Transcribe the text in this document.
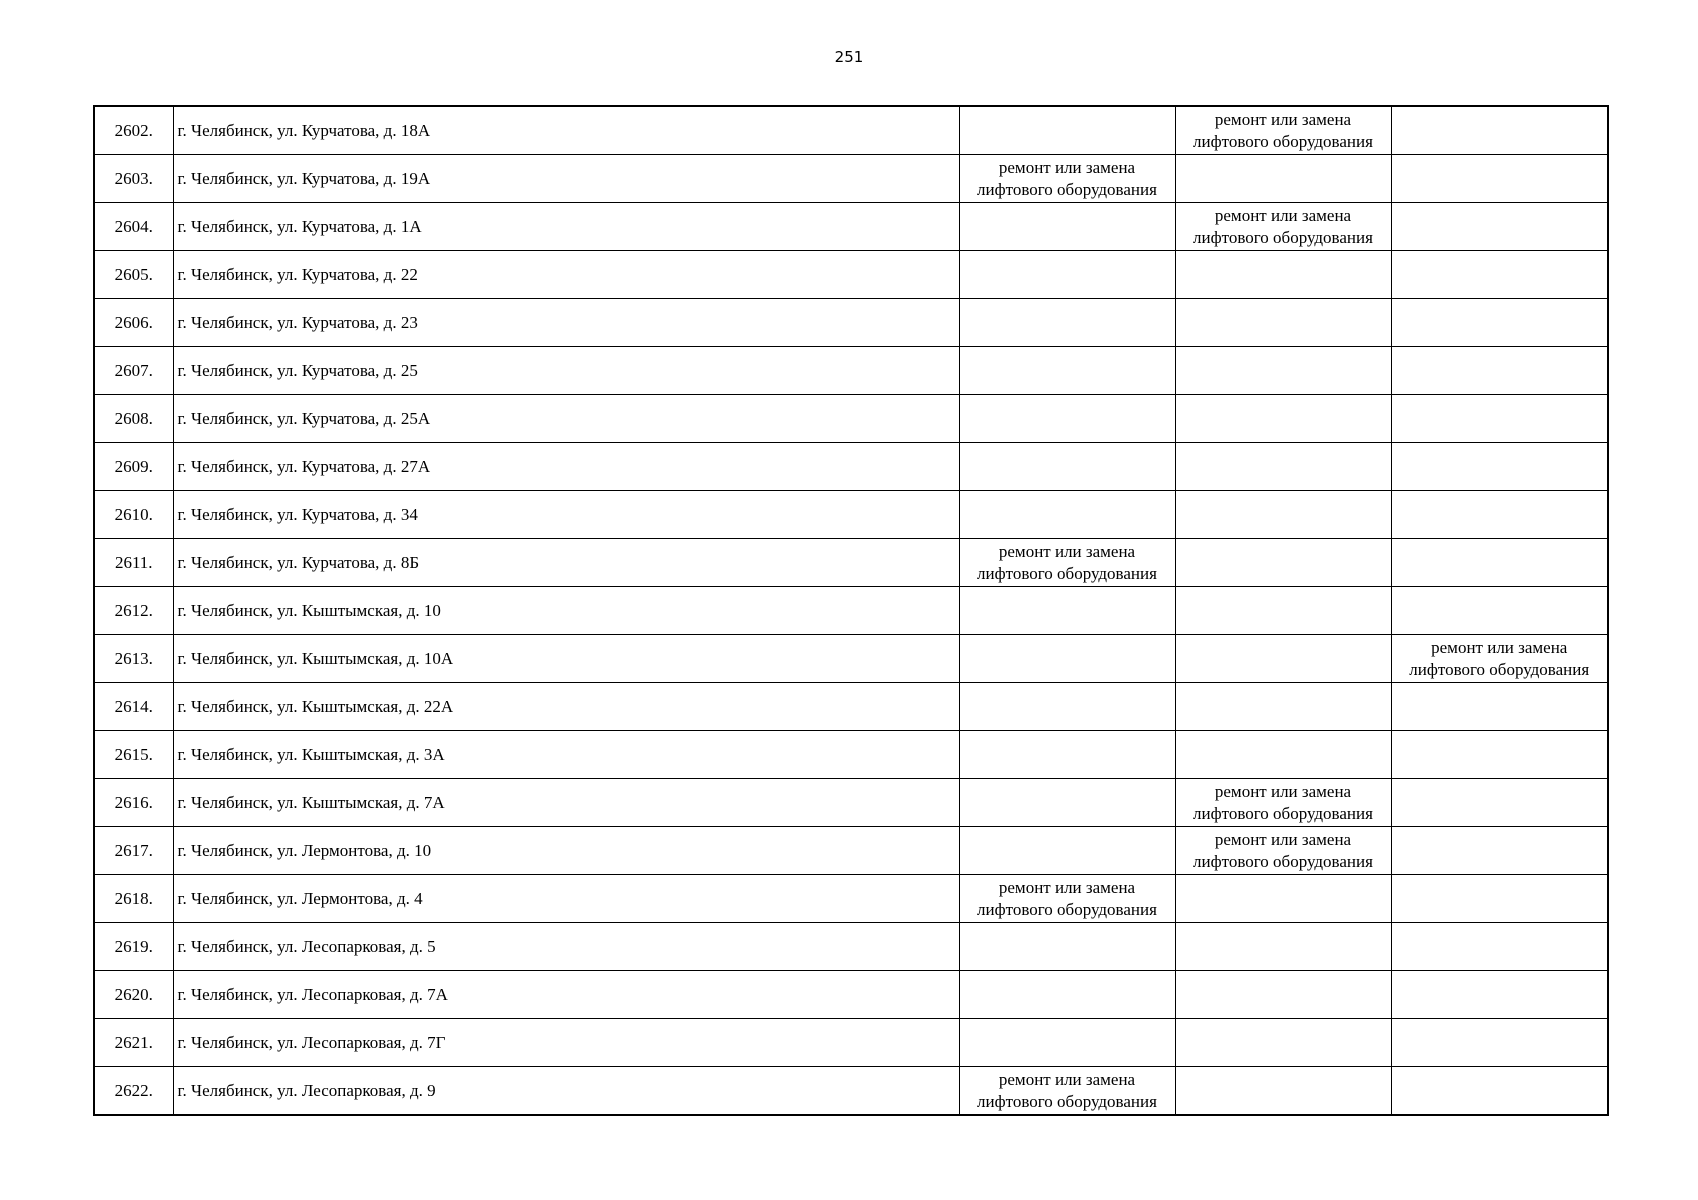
251
2602.	г. Челябинск, ул. Курчатова, д. 18А		ремонт или замена лифтового оборудования	
2603.	г. Челябинск, ул. Курчатова, д. 19А	ремонт или замена лифтового оборудования		
2604.	г. Челябинск, ул. Курчатова, д. 1А		ремонт или замена лифтового оборудования	
2605.	г. Челябинск, ул. Курчатова, д. 22			
2606.	г. Челябинск, ул. Курчатова, д. 23			
2607.	г. Челябинск, ул. Курчатова, д. 25			
2608.	г. Челябинск, ул. Курчатова, д. 25А			
2609.	г. Челябинск, ул. Курчатова, д. 27А			
2610.	г. Челябинск, ул. Курчатова, д. 34			
2611.	г. Челябинск, ул. Курчатова, д. 8Б	ремонт или замена лифтового оборудования		
2612.	г. Челябинск, ул. Кыштымская, д. 10			
2613.	г. Челябинск, ул. Кыштымская, д. 10А			ремонт или замена лифтового оборудования
2614.	г. Челябинск, ул. Кыштымская, д. 22А			
2615.	г. Челябинск, ул. Кыштымская, д. 3А			
2616.	г. Челябинск, ул. Кыштымская, д. 7А		ремонт или замена лифтового оборудования	
2617.	г. Челябинск, ул. Лермонтова, д. 10		ремонт или замена лифтового оборудования	
2618.	г. Челябинск, ул. Лермонтова, д. 4	ремонт или замена лифтового оборудования		
2619.	г. Челябинск, ул. Лесопарковая, д. 5			
2620.	г. Челябинск, ул. Лесопарковая, д. 7А			
2621.	г. Челябинск, ул. Лесопарковая, д. 7Г			
2622.	г. Челябинск, ул. Лесопарковая, д. 9	ремонт или замена лифтового оборудования		
